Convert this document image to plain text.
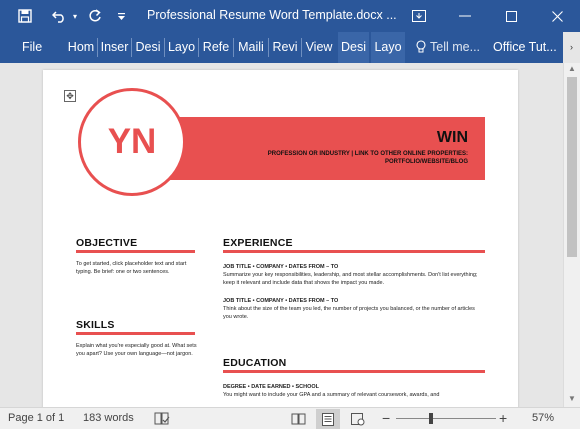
▾	Professional Resume Word Template.docx ...
File	Hom Inser Desi Layo Refe Maili Revi View Desi Layo Tell me...	Office Tut...	›
✥
YN	WIN
PROFESSION OR INDUSTRY | LINK TO OTHER ONLINE PROPERTIES:
PORTFOLIO/WEBSITE/BLOG
OBJECTIVE
To get started, click placeholder text and start typing. Be brief: one or two sentences.
SKILLS
Explain what you're especially good at. What sets you apart? Use your own language—not jargon.
EXPERIENCE
JOB TITLE • COMPANY • DATES FROM – TO
Summarize your key responsibilities, leadership, and most stellar accomplishments. Don't list everything; keep it relevant and include data that shows the impact you made.
JOB TITLE • COMPANY • DATES FROM – TO
Think about the size of the team you led, the number of projects you balanced, or the number of articles you wrote.
EDUCATION
DEGREE • DATE EARNED • SCHOOL
You might want to include your GPA and a summary of relevant coursework, awards, and
▲
▼
Page 1 of 1 183 words	−	+ 57%
